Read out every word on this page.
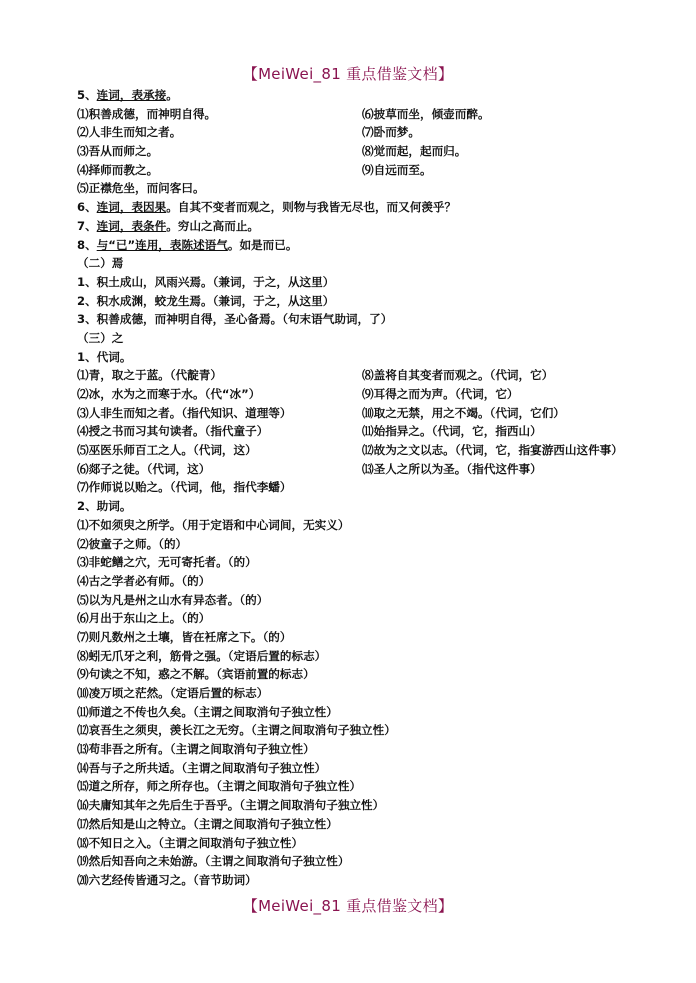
【MeiWei_81 重点借鉴文档】
5、连词，表承接。
⑴积善成德，而神明自得。
⑵人非生而知之者。
⑶吾从而师之。
⑷择师而教之。
⑸正襟危坐，而问客曰。
⑹披草而坐，倾壶而醉。
⑺卧而梦。
⑻觉而起，起而归。
⑼自远而至。
6、连词，表因果。自其不变者而观之，则物与我皆无尽也，而又何羡乎？
7、连词，表条件。穷山之高而止。
8、与“已”连用，表陈述语气。如是而已。
（二）焉
1、积土成山，风雨兴焉。（兼词，于之，从这里）
2、积水成渊，蛟龙生焉。（兼词，于之，从这里）
3、积善成德，而神明自得，圣心备焉。（句末语气助词，了）
（三）之
1、代词。
⑴青，取之于蓝。（代靛青）
⑵冰，水为之而寒于水。（代“冰”）
⑶人非生而知之者。（指代知识、道理等）
⑷授之书而习其句读者。（指代童子）
⑸巫医乐师百工之人。（代词，这）
⑹郯子之徒。（代词，这）
⑺作师说以贻之。（代词，他，指代李蟠）
⑻盖将自其变者而观之。（代词，它）
⑼耳得之而为声。（代词，它）
⑽取之无禁，用之不竭。（代词，它们）
⑾始指异之。（代词，它，指西山）
⑿故为之文以志。（代词，它，指宴游西山这件事）
⒀圣人之所以为圣。（指代这件事）
2、助词。
⑴不如须臾之所学。（用于定语和中心词间，无实义）
⑵彼童子之师。（的）
⑶非蛇鳝之穴，无可寄托者。（的）
⑷古之学者必有师。（的）
⑸以为凡是州之山水有异态者。（的）
⑹月出于东山之上。（的）
⑺则凡数州之土壤，皆在衽席之下。（的）
⑻蚓无爪牙之利，筋骨之强。（定语后置的标志）
⑼句读之不知，惑之不解。（宾语前置的标志）
⑽凌万顷之茫然。（定语后置的标志）
⑾师道之不传也久矣。（主谓之间取消句子独立性）
⑿哀吾生之须臾，羡长江之无穷。（主谓之间取消句子独立性）
⒀苟非吾之所有。（主谓之间取消句子独立性）
⒁吾与子之所共适。（主谓之间取消句子独立性）
⒂道之所存，师之所存也。（主谓之间取消句子独立性）
⒃夫庸知其年之先后生于吾乎。（主谓之间取消句子独立性）
⒄然后知是山之特立。（主谓之间取消句子独立性）
⒅不知日之入。（主谓之间取消句子独立性）
⒆然后知吾向之未始游。（主谓之间取消句子独立性）
⒇六艺经传皆通习之。（音节助词）
【MeiWei_81 重点借鉴文档】
